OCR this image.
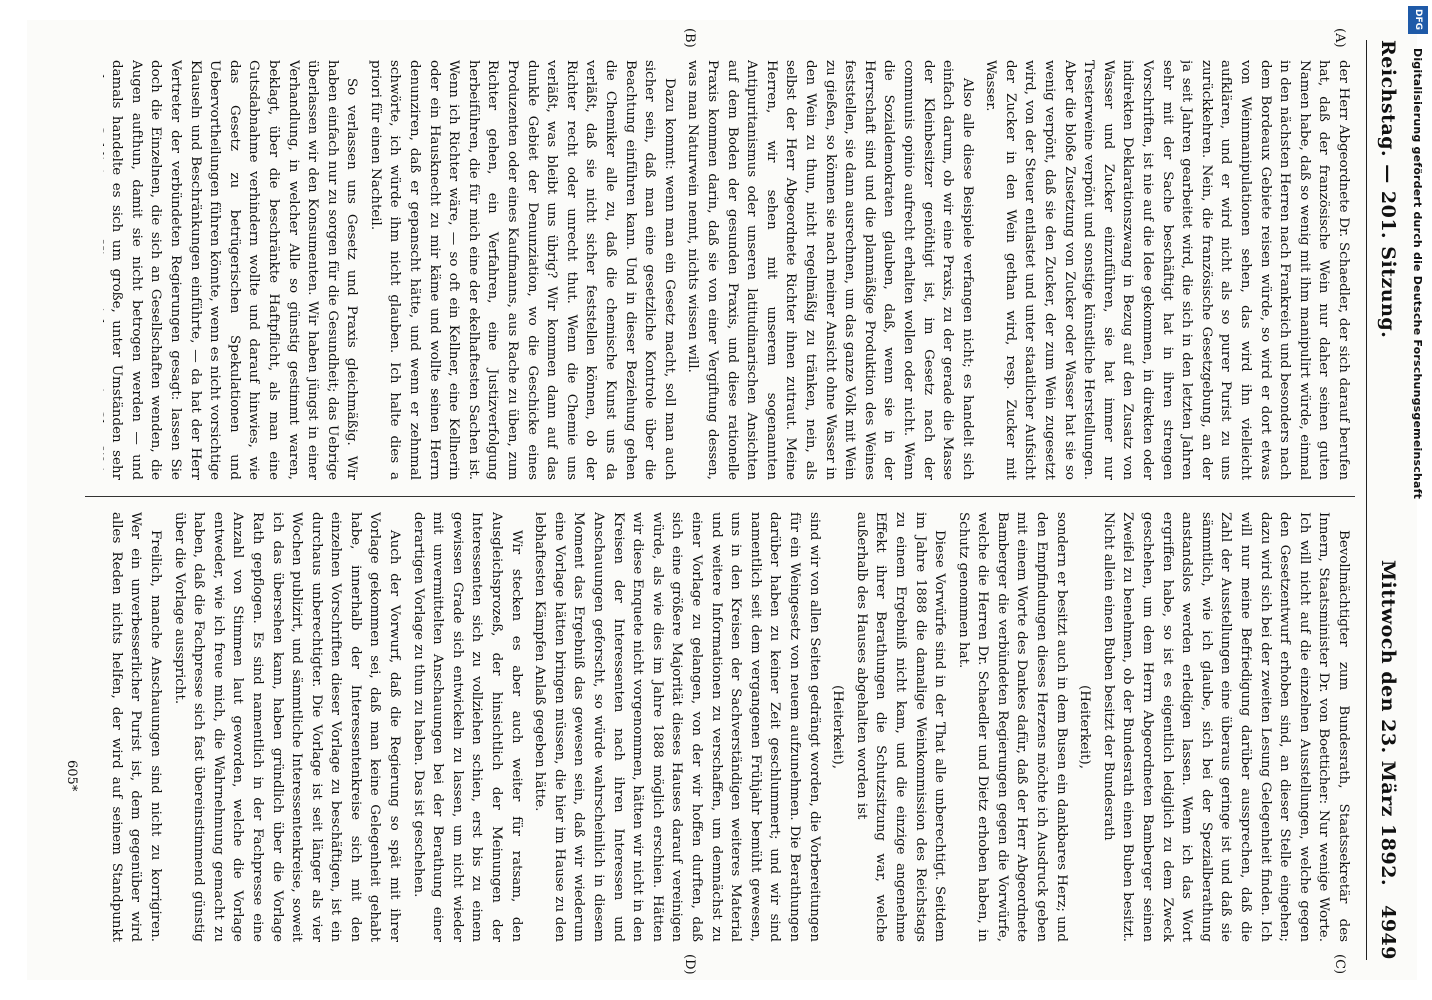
Reichstag. — 201. Sitzung.
4949
Mittwoch den 23. März 1892.
(A)
(B)
(C)
(D)

der Herr Abgeordnete Dr. Schaedler, der sich darauf berufen hat, daß der französische Wein nur daher seinen guten Namen habe, daß so wenig mit ihm manipulirt würde, einmal in den nächsten Herren nach Frankreich und besonders nach dem Bordeaux Gebiete reisen würde, so wird er dort etwas von Weinmanipulationen sehen, das wird ihn vielleicht aufklären, und er wird nicht als so purer Purist zu uns zurückkehren. Nein, die französische Gesetzgebung, an der ja seit Jahren gearbeitet wird, die sich in den letzten Jahren sehr mit der Sache beschäftigt hat in ihren strengen Vorschriften, ist nie auf die Idee gekommen, in direkten oder indirekten Deklarationszwang in Bezug auf den Zusatz von Wasser und Zucker einzuführen, sie hat immer nur Tresterweine verpönt und sonstige künstliche Herstellungen. Aber die bloße Zusetzung von Zucker oder Wasser hat sie so wenig verpönt, daß sie den Zucker, der zum Wein zugesetzt wird, von der Steuer entlastet und unter staatlicher Aufsicht der Zucker in den Wein gethan wird, resp. Zucker mit Wasser.

Also alle diese Beispiele verfangen nicht; es handelt sich einfach darum, ob wir eine Praxis, zu der gerade die Masse der Kleinbesitzer genöthigt ist, im Gesetz nach der communis opinio aufrecht erhalten wollen oder nicht. Wenn die Sozialdemokraten glauben, daß, wenn sie in der Herrschaft sind und die planmäßige Produktion des Weines feststellen, sie dann ausrechnen, um das ganze Volk mit Wein zu gießen, so können sie nach meiner Ansicht ohne Wasser in den Wein zu thun, nicht regelmäßig zu tränken, nein, als selbst der Herr Abgeordnete Richter ihnen zutraut. Meine Herren, wir sehen mit unserem sogenannten Antipuritanismus oder unseren latitudinarischen Ansichten auf dem Boden der gesunden Praxis, und diese rationelle Praxis kommen darin, daß sie von einer Vergiftung dessen, was man Naturwein nennt, nichts wissen will.

Dazu kommt: wenn man ein Gesetz macht, soll man auch sicher sein, daß man eine gesetzliche Kontrole über die Beachtung einführen kann. Und in dieser Beziehung gehen die Chemiker alle zu, daß die chemische Kunst uns da verläßt, daß sie nicht sicher feststellen können, ob der Richter recht oder unrecht thut. Wenn die Chemie uns verläßt, was bleibt uns übrig? Wir kommen dann auf das dunkle Gebiet der Denunziation, wo die Geschicke eines Produzenten oder eines Kaufmanns, aus Rache zu üben, zum Richter gehen, ein Verfahren, eine Justizverfolgung herbeiführen, die für mich eine der ekelhaftesten Sachen ist. Wenn ich Richter wäre, — so oft ein Kellner, eine Kellnerin oder ein Hausknecht zu mir käme und wollte seinen Herrn denunziren, daß er gepanscht hätte, und wenn er zehnmal schwörte, ich würde ihm nicht glauben. Ich halte dies a priori für einen Nachteil.

So verlassen uns Gesetz und Praxis gleichmäßig. Wir haben einfach nur zu sorgen für die Gesundheit; das Uebrige überlassen wir den Konsumenten. Wir haben jüngst in einer Verhandlung, in welcher Alle so günstig gestimmt waren, beklagt, über die beschränkte Haftpflicht, als man eine Gutsdabnahme verhindern wollte und darauf hinwies, wie das Gesetz zu betrügerischen Spekulationen und Uebervortheilungen führen könnte, wenn es nicht vorsichtige Klauseln und Beschränkungen einführte, — da hat der Herr Vertreter der verbündeten Regierungen gesagt: lassen Sie doch die Einzelnen, die sich an Gesellschaften wenden, die Augen aufthun, damit sie nicht betrogen werden — und damals handelte es sich um große, unter Umständen sehr

Bevollmächtigter zum Bundesrath, Staatssekretär des Innern, Staatsminister Dr. von Boetticher: Nur wenige Worte. Ich will nicht auf die einzelnen Ausstellungen, welche gegen den Gesetzentwurf erhoben sind, an dieser Stelle eingehen; dazu wird sich bei der zweiten Lesung Gelegenheit finden. Ich will nur meine Befriedigung darüber aussprechen, daß die Zahl der Ausstellungen eine überaus geringe ist und daß sie sämmtlich, wie ich glaube, sich bei der Spezialberathung anstandslos werden erledigen lassen. Wenn ich das Wort ergriffen habe, so ist es eigentlich lediglich zu dem Zweck geschehen, um dem Herrn Abgeordneten Bamberger seinen Zweifel zu benehmen, ob der Bundesrath einen Buben besitzt. Nicht allein einen Buben besitzt der Bundesrath

(Heiterkeit),

sondern er besitzt auch in dem Busen ein dankbares Herz; und den Empfindungen dieses Herzens möchte ich Ausdruck geben mit einem Worte des Dankes dafür, daß der Herr Abgeordnete Bamberger die verbündeten Regierungen gegen die Vorwürfe, welche die Herren Dr. Schaedler und Dietz erhoben haben, in Schutz genommen hat.

Diese Vorwürfe sind in der That alle unberechtigt. Seitdem im Jahre 1888 die damalige Weinkommission des Reichstags zu einem Ergebniß nicht kam, und die einzige angenehme Effekt ihrer Berathungen die Schutzsitzung war, welche außerhalb des Hauses abgehalten worden ist

(Heiterkeit),

sind wir von allen Seiten gedrängt worden, die Vorbereitungen für ein Weingesetz von neuem aufzunehmen. Die Berathungen darüber haben zu keiner Zeit geschlummert; und wir sind namentlich seit dem vergangenen Frühjahr bemüht gewesen, uns in den Kreisen der Sachverständigen weiteres Material und weitere Informationen zu verschaffen, um demnächst zu einer Vorlage zu gelangen, von der wir hoffen durften, daß sich eine größere Majorität dieses Hauses darauf vereinigen würde, als wie dies im Jahre 1888 möglich erschien. Hätten wir diese Enquete nicht vorgenommen, hätten wir nicht in den Kreisen der Interessenten nach ihren Interessen und Anschauungen geforscht, so würde wahrscheinlich in diesem Moment das Ergebniß das gewesen sein, daß wir wiederum eine Vorlage hätten bringen müssen, die hier im Hause zu den lebhaftesten Kämpfen Anlaß gegeben hätte.

Wir stecken es aber auch weiter für ratsam, den Ausgleichsprozeß, der hinsichtlich der Meinungen der Interessenten sich zu vollziehen schien, erst bis zu einem gewissen Grade sich entwickeln zu lassen, um nicht wieder mit unvermittelten Anschauungen bei der Berathung einer derartigen Vorlage zu thun zu haben. Das ist geschehen.

Auch der Vorwurf, daß die Regierung so spät mit ihrer Vorlage gekommen sei, daß man keine Gelegenheit gehabt habe, innerhalb der Interessentenkreise sich mit den einzelnen Vorschriften dieser Vorlage zu beschäftigen, ist ein durchaus unberechtigter. Die Vorlage ist seit länger als vier Wochen publizirt, und sämmtliche Interessentenkreise, soweit ich das übersehen kann, haben gründlich über die Vorlage Rath gepflogen. Es sind namentlich in der Fachpresse eine Anzahl von Stimmen laut geworden, welche die Vorlage entweder, wie ich freue mich, die Wahrnehmung gemacht zu haben, daß die Fachpresse sich fast übereinstimmend günstig über die Vorlage ausspricht.

Freilich, manche Anschauungen sind nicht zu korrigiren. Wer ein unverbesserlicher Purist ist, dem gegenüber wird alles Reden nichts helfen, der wird auf seinem Standpunkt

605*
DFG
Digitalisierung gefördert durch die Deutsche Forschungsgemeinschaft
